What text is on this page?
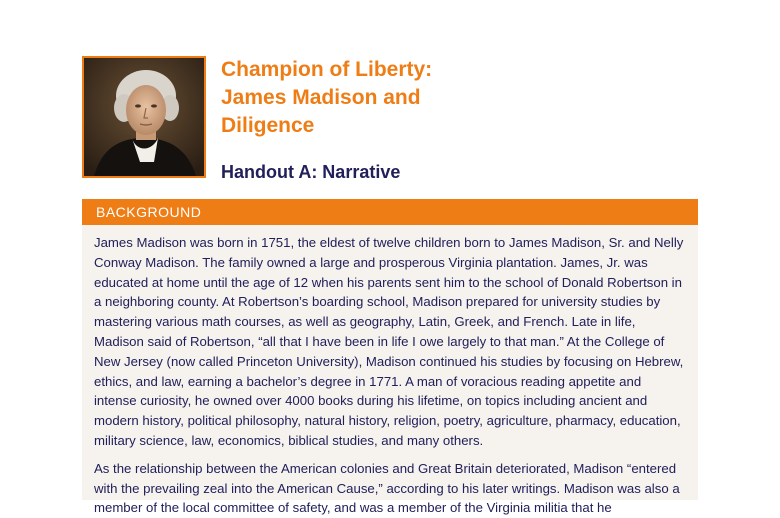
Champion of Liberty:
James Madison and
Diligence
Handout A: Narrative
BACKGROUND

James Madison was born in 1751, the eldest of twelve children born to James Madison, Sr. and Nelly Conway Madison. The family owned a large and prosperous Virginia plantation. James, Jr. was educated at home until the age of 12 when his parents sent him to the school of Donald Robertson in a neighboring county. At Robertson’s boarding school, Madison prepared for university studies by mastering various math courses, as well as geography, Latin, Greek, and French. Late in life, Madison said of Robertson, “all that I have been in life I owe largely to that man.” At the College of New Jersey (now called Princeton University), Madison continued his studies by focusing on Hebrew, ethics, and law, earning a bachelor’s degree in 1771. A man of voracious reading appetite and intense curiosity, he owned over 4000 books during his lifetime, on topics including ancient and modern history, political philosophy, natural history, religion, poetry, agriculture, pharmacy, education, military science, law, economics, biblical studies, and many others.

As the relationship between the American colonies and Great Britain deteriorated, Madison “entered with the prevailing zeal into the American Cause,” according to his later writings. Madison was also a member of the local committee of safety, and was a member of the Virginia militia that he
